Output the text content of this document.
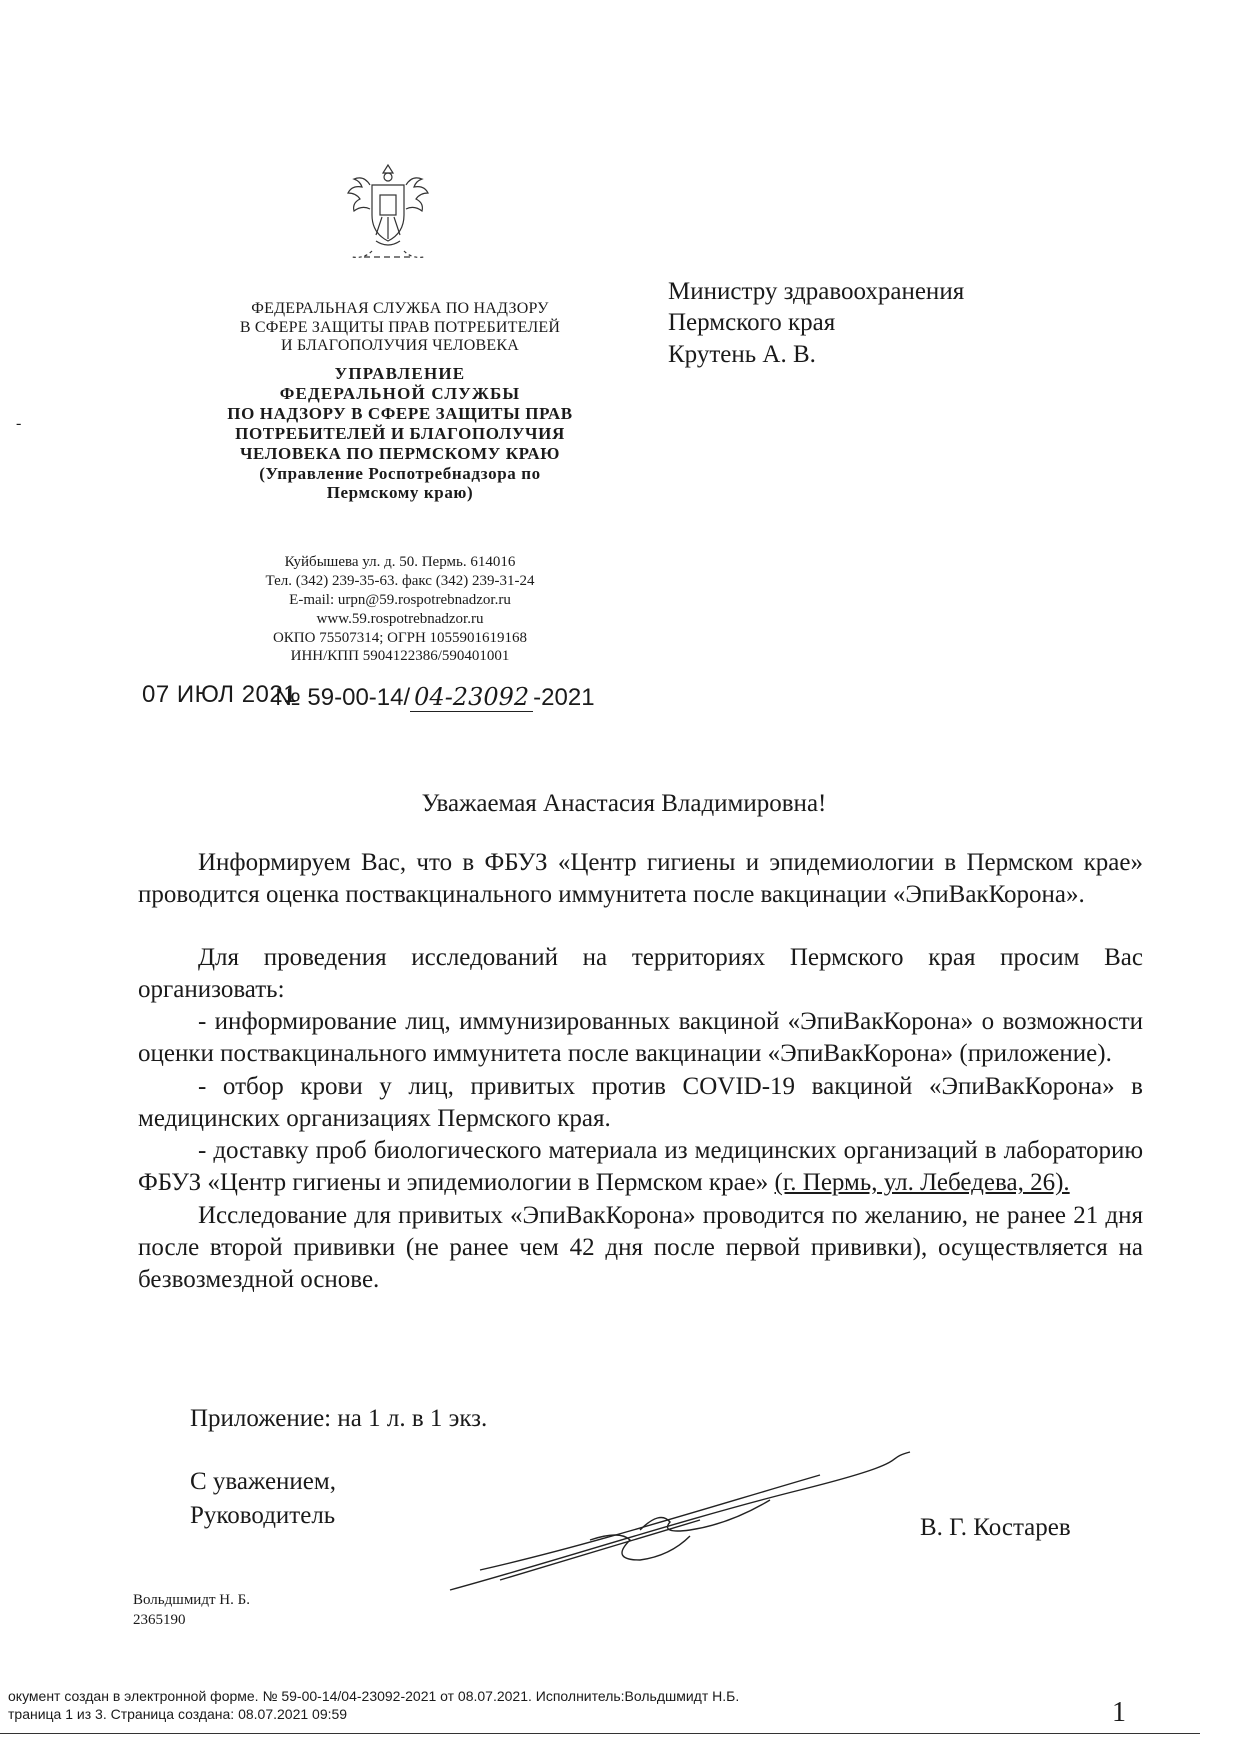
-
ФЕДЕРАЛЬНАЯ СЛУЖБА ПО НАДЗОРУ
В СФЕРЕ ЗАЩИТЫ ПРАВ ПОТРЕБИТЕЛЕЙ
И БЛАГОПОЛУЧИЯ ЧЕЛОВЕКА
УПРАВЛЕНИЕ
ФЕДЕРАЛЬНОЙ СЛУЖБЫ
ПО НАДЗОРУ В СФЕРЕ ЗАЩИТЫ ПРАВ
ПОТРЕБИТЕЛЕЙ И БЛАГОПОЛУЧИЯ
ЧЕЛОВЕКА ПО ПЕРМСКОМУ КРАЮ
(Управление Роспотребнадзора по
Пермскому краю)
Куйбышева ул. д. 50. Пермь. 614016
Тел. (342) 239-35-63. факс (342) 239-31-24
E-mail: urpn@59.rospotrebnadzor.ru
www.59.rospotrebnadzor.ru
ОКПО 75507314; ОГРН 1055901619168
ИНН/КПП 5904122386/590401001
07 ИЮЛ 2021
№ 59-00-14/ 04-23092 -2021
Министру здравоохранения
Пермского края
Крутень А. В.
Уважаемая Анастасия Владимировна!

Информируем Вас, что в ФБУЗ «Центр гигиены и эпидемиологии в Пермском крае» проводится оценка поствакцинального иммунитета после вакцинации «ЭпиВакКорона».

Для проведения исследований на территориях Пермского края просим Вас организовать:

- информирование лиц, иммунизированных вакциной «ЭпиВакКорона» о возможности оценки поствакцинального иммунитета после вакцинации «ЭпиВакКорона» (приложение).

- отбор крови у лиц, привитых против COVID-19 вакциной «ЭпиВакКорона» в медицинских организациях Пермского края.

- доставку проб биологического материала из медицинских организаций в лабораторию ФБУЗ «Центр гигиены и эпидемиологии в Пермском крае» (г. Пермь, ул. Лебедева, 26).

Исследование для привитых «ЭпиВакКорона» проводится по желанию, не ранее 21 дня после второй прививки (не ранее чем 42 дня после первой прививки), осуществляется на безвозмездной основе.

Приложение: на 1 л. в 1 экз.
С уважением,
Руководитель	В. Г. Костарев
Вольдшмидт Н. Б.
2365190
1
окумент создан в электронной форме. № 59-00-14/04-23092-2021 от 08.07.2021. Исполнитель:Вольдшмидт Н.Б.
траница 1 из 3. Страница создана: 08.07.2021 09:59
